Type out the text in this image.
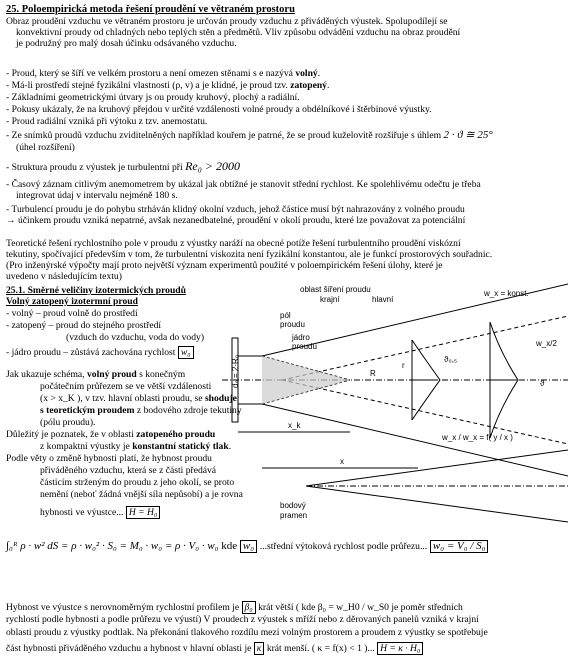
25. Poloempirická metoda řešení proudění ve větraném prostoru
Obraz proudění vzduchu ve větraném prostoru je určován proudy vzduchu z přiváděných výustek. Spolupodílejí se
konvektivní proudy od chladných nebo teplých stěn a předmětů. Vliv způsobu odvádění vzduchu na obraz proudění
je podružný pro malý dosah účinku odsávaného vzduchu.
- Proud, který se šíří ve velkém prostoru a není omezen stěnami s e nazývá volný.
- Má-li prostředí stejné fyzikální vlastnosti (ρ, v) a je klidné, je proud tzv. zatopený.
- Základními geometrickými útvary js ou proudy kruhový, plochý a radiální.
- Pokusy ukázaly, že na kruhový přejdou v určité vzdálenosti volné proudy a obdélníkové i štěrbinové výustky.
- Proud radiální vzniká při výtoku z tzv. anemostatu.
- Ze snímků proudů vzduchu zviditelněných například kouřem je patrné, že se proud kuželovitě rozšiřuje s úhlem 2 · ϑ ≅ 25°
(úhel rozšíření)
- Struktura proudu z výustek je turbulentní při Re₀ > 2000
- Časový záznam citlivým anemometrem by ukázal jak obtížné je stanovit střední rychlost. Ke spolehlivému odečtu je třeba
integrovat údaj v intervalu nejméně 180 s.
- Turbulencí proudu je do pohybu strháván klidný okolní vzduch, jehož částice musí být nahrazovány z volného proudu
→ účinkem proudu vzniká nepatrné, avšak nezanedbatelné, proudění v okolí proudu, které lze považovat za potenciální
Teoretické řešení rychlostního pole v proudu z výustky naráží na obecné potíže řešení turbulentního proudění viskózní
tekutiny, spočívající především v tom, že turbulentní viskozita není fyzikální konstantou, ale je funkcí prostorových souřadnic.
(Pro inženýrské výpočty mají proto největší význam experimentů použité v poloempirickém řešení úlohy, které je
uvedeno v následujícím textu)
25.1. Směrné veličiny izotermických proudů
Volný zatopený izotermní proud
- volný – proud volně do prostředí
- zatopený – proud do stejného prostředí
(vzduch do vzduchu, voda do vody)
- jádro proudu – zůstává zachována rychlost w₀
oblast šíření proudu
krajní	hlavní
pól
proudu
jádro
proudu
w_x = konst.
w_x/2
d₀ = 2·R₀	R
r
x_k
x
ϑ₀,₅
ϑ
w_x / w_x = f( y / x )
bodový
pramen
Jak ukazuje schéma, volný proud s konečným
počátečním průřezem se ve větší vzdálenosti
(x > x_K ), v tzv. hlavní oblasti proudu, se shoduje
s teoretickým proudem z bodového zdroje tekutiny
(pólu proudu).
Důležitý je poznatek, že v oblasti zatopeného proudu
z kompaktní výustky je konstantní statický tlak.
Podle věty o změně hybnosti platí, že hybnost proudu
přiváděného vzduchu, která se z části předává
částicím strženým do proudu z jeho okolí, se proto
nemění (neboť žádná vnější síla nepůsobí) a je rovna
hybnosti ve výustce... H = H₀
∫₀ᴿ ρ · w² dS = ρ · w₀² · S₀ = M₀ · w₀ = ρ · V₀ · w₀ kde w₀ ...střední výtoková rychlost podle průřezu... w₀ = V₀ / S₀
Hybnost ve výustce s nerovnoměrným rychlostní profilem je β₀ krát větší ( kde β₀ = w_H0 / w_S0 je poměr středních
rychlostí podle hybnosti a podle průřezu ve výustí) V proudech z výustek s mříží nebo z děrovaných panelů vzniká v krajní
oblasti proudu z výustky podtlak. Na překonání tlakového rozdílu mezi volným prostorem a proudem z výustky se spotřebuje
část hybnosti přiváděného vzduchu a hybnost v hlavní oblasti je κ krát menší. ( κ = f(x) < 1 )... H = κ · H₀
